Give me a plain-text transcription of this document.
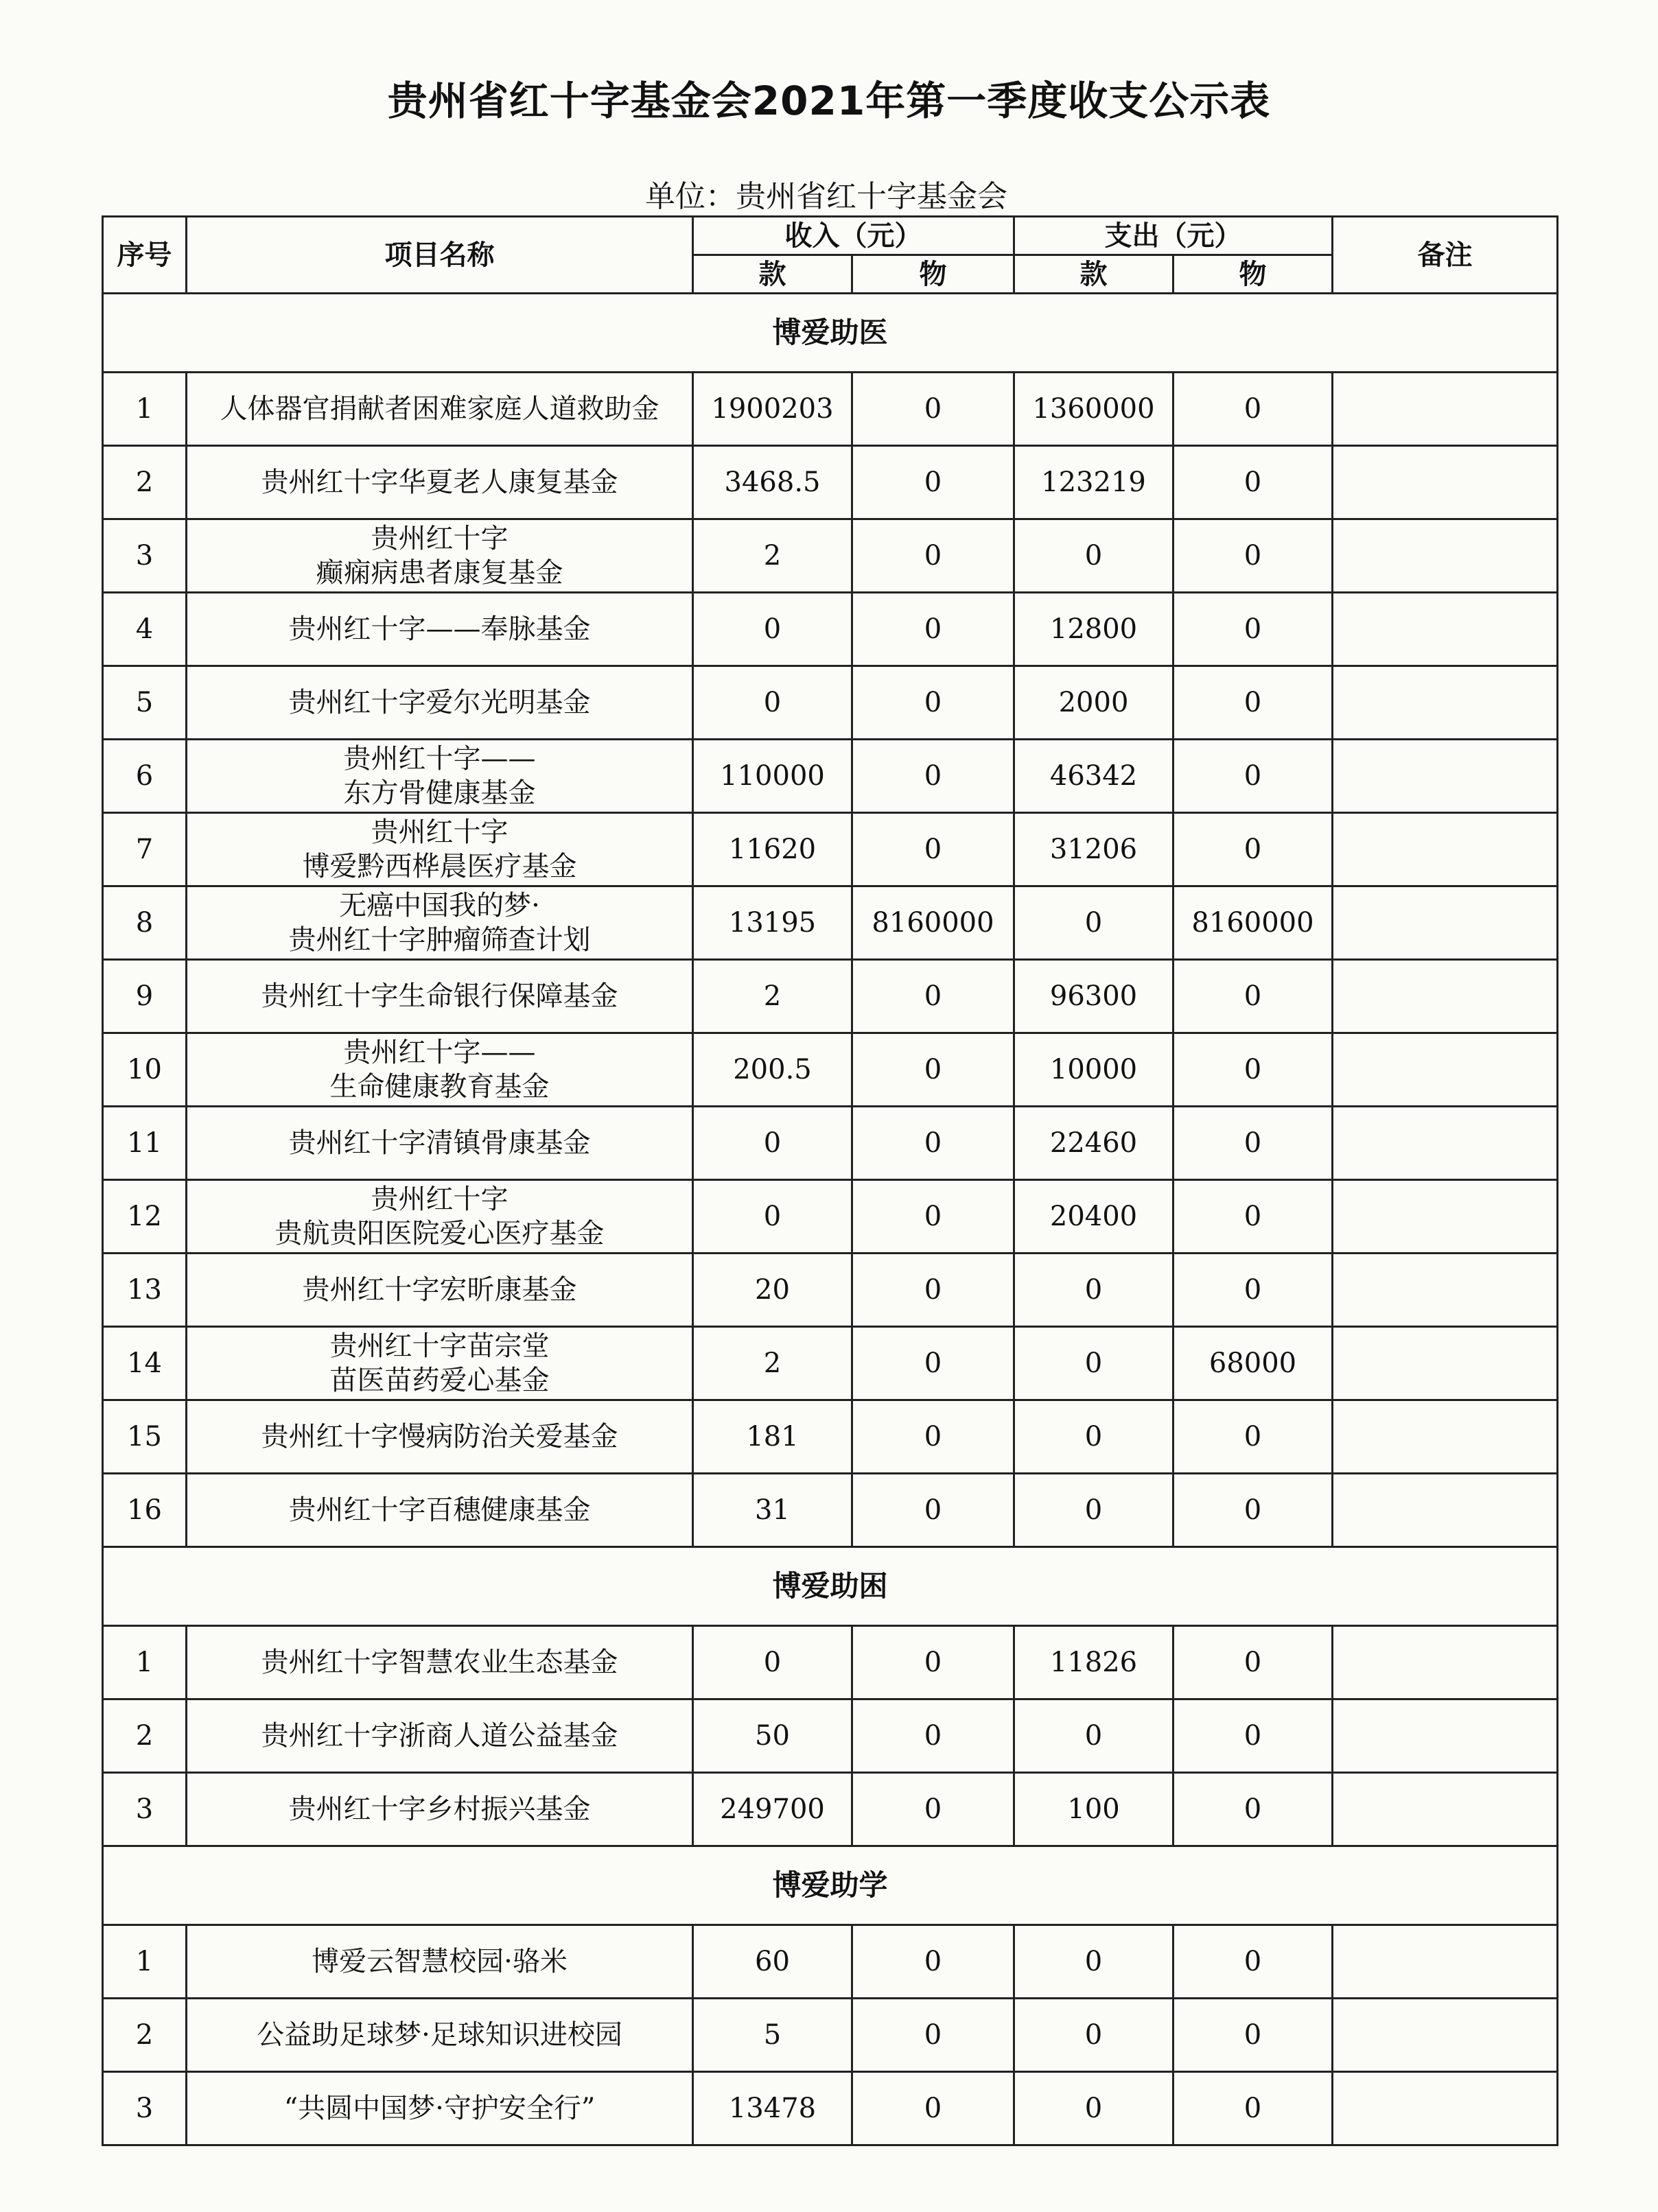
贵州省红十字基金会2021年第一季度收支公示表
单位：贵州省红十字基金会
序号	项目名称	收入（元）		支出（元）		备注
		款	物	款	物	
博爱助医						
1	人体器官捐献者困难家庭人道救助金	1900203	0	1360000	0	
2	贵州红十字华夏老人康复基金	3468.5	0	123219	0	
3	贵州红十字
癫痫病患者康复基金	2	0	0	0	
4	贵州红十字——奉脉基金	0	0	12800	0	
5	贵州红十字爱尔光明基金	0	0	2000	0	
6	贵州红十字——
东方骨健康基金	110000	0	46342	0	
7	贵州红十字
博爱黔西桦晨医疗基金	11620	0	31206	0	
8	无癌中国我的梦·
贵州红十字肿瘤筛查计划	13195	8160000	0	8160000	
9	贵州红十字生命银行保障基金	2	0	96300	0	
10	贵州红十字——
生命健康教育基金	200.5	0	10000	0	
11	贵州红十字清镇骨康基金	0	0	22460	0	
12	贵州红十字
贵航贵阳医院爱心医疗基金	0	0	20400	0	
13	贵州红十字宏昕康基金	20	0	0	0	
14	贵州红十字苗宗堂
苗医苗药爱心基金	2	0	0	68000	
15	贵州红十字慢病防治关爱基金	181	0	0	0	
16	贵州红十字百穗健康基金	31	0	0	0	
博爱助困						
1	贵州红十字智慧农业生态基金	0	0	11826	0	
2	贵州红十字浙商人道公益基金	50	0	0	0	
3	贵州红十字乡村振兴基金	249700	0	100	0	
博爱助学						
1	博爱云智慧校园·骆米	60	0	0	0	
2	公益助足球梦·足球知识进校园	5	0	0	0	
3	“共圆中国梦·守护安全行”	13478	0	0	0	
